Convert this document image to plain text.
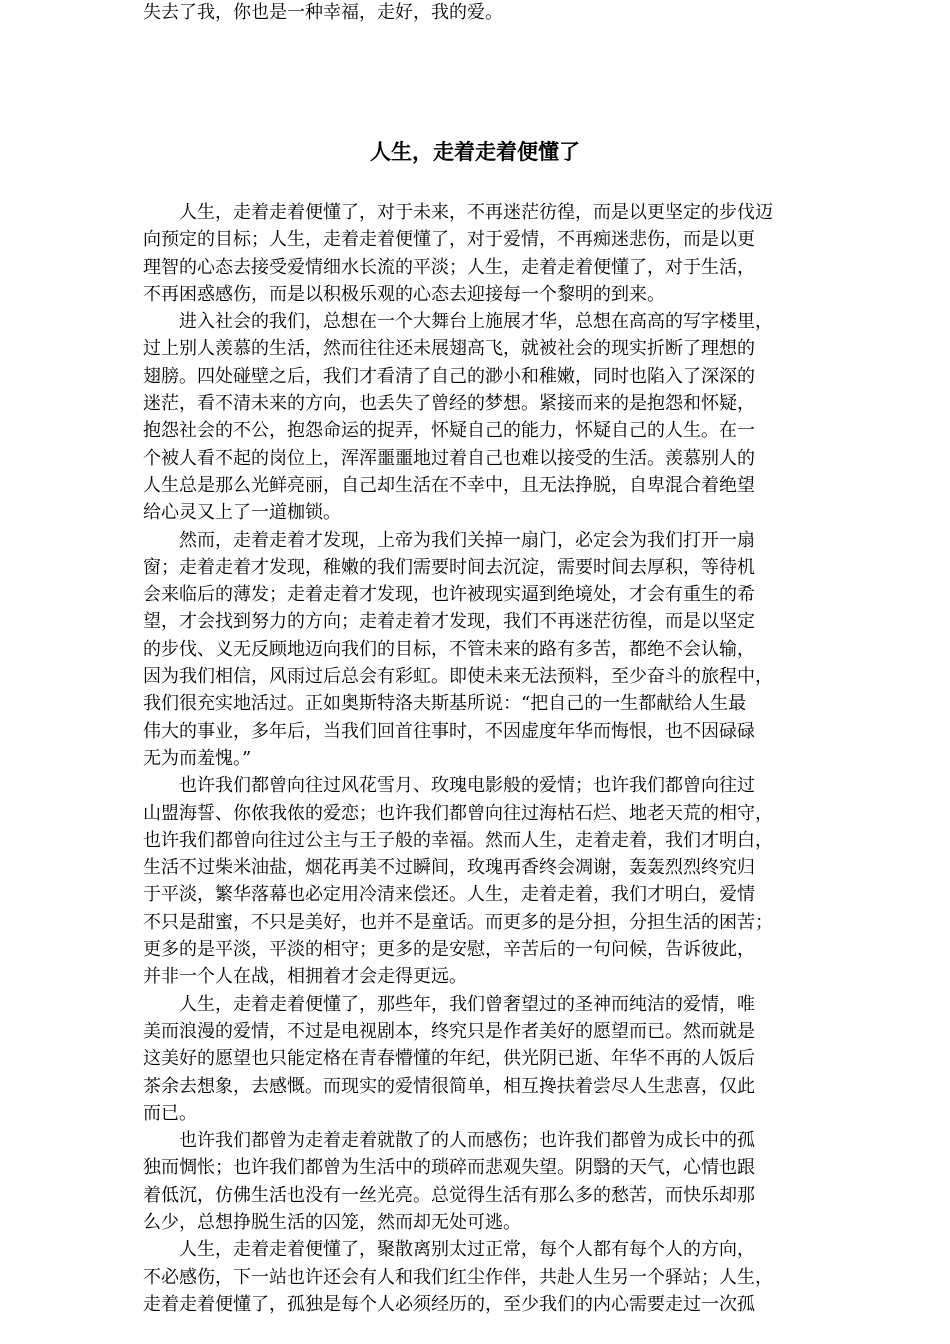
失去了我，你也是一种幸福，走好，我的爱。
人生，走着走着便懂了

人生，走着走着便懂了，对于未来，不再迷茫彷徨，而是以更坚定的步伐迈
向预定的目标；人生，走着走着便懂了，对于爱情，不再痴迷悲伤，而是以更
理智的心态去接受爱情细水长流的平淡；人生，走着走着便懂了，对于生活，
不再困惑感伤，而是以积极乐观的心态去迎接每一个黎明的到来。

进入社会的我们，总想在一个大舞台上施展才华，总想在高高的写字楼里，
过上别人羡慕的生活，然而往往还未展翅高飞，就被社会的现实折断了理想的
翅膀。四处碰壁之后，我们才看清了自己的渺小和稚嫩，同时也陷入了深深的
迷茫，看不清未来的方向，也丢失了曾经的梦想。紧接而来的是抱怨和怀疑，
抱怨社会的不公，抱怨命运的捉弄，怀疑自己的能力，怀疑自己的人生。在一
个被人看不起的岗位上，浑浑噩噩地过着自己也难以接受的生活。羡慕别人的
人生总是那么光鲜亮丽，自己却生活在不幸中，且无法挣脱，自卑混合着绝望
给心灵又上了一道枷锁。

然而，走着走着才发现，上帝为我们关掉一扇门，必定会为我们打开一扇
窗；走着走着才发现，稚嫩的我们需要时间去沉淀，需要时间去厚积，等待机
会来临后的薄发；走着走着才发现，也许被现实逼到绝境处，才会有重生的希
望，才会找到努力的方向；走着走着才发现，我们不再迷茫彷徨，而是以坚定
的步伐、义无反顾地迈向我们的目标，不管未来的路有多苦，都绝不会认输，
因为我们相信，风雨过后总会有彩虹。即使未来无法预料，至少奋斗的旅程中，
我们很充实地活过。正如奥斯特洛夫斯基所说：“把自己的一生都献给人生最
伟大的事业，多年后，当我们回首往事时，不因虚度年华而悔恨，也不因碌碌
无为而羞愧。”

也许我们都曾向往过风花雪月、玫瑰电影般的爱情；也许我们都曾向往过
山盟海誓、你侬我侬的爱恋；也许我们都曾向往过海枯石烂、地老天荒的相守，
也许我们都曾向往过公主与王子般的幸福。然而人生，走着走着，我们才明白，
生活不过柴米油盐，烟花再美不过瞬间，玫瑰再香终会凋谢，轰轰烈烈终究归
于平淡，繁华落幕也必定用冷清来偿还。人生，走着走着，我们才明白，爱情
不只是甜蜜，不只是美好，也并不是童话。而更多的是分担，分担生活的困苦；
更多的是平淡，平淡的相守；更多的是安慰，辛苦后的一句问候，告诉彼此，
并非一个人在战，相拥着才会走得更远。

人生，走着走着便懂了，那些年，我们曾奢望过的圣神而纯洁的爱情，唯
美而浪漫的爱情，不过是电视剧本，终究只是作者美好的愿望而已。然而就是
这美好的愿望也只能定格在青春懵懂的年纪，供光阴已逝、年华不再的人饭后
茶余去想象，去感慨。而现实的爱情很简单，相互搀扶着尝尽人生悲喜，仅此
而已。

也许我们都曾为走着走着就散了的人而感伤；也许我们都曾为成长中的孤
独而惆怅；也许我们都曾为生活中的琐碎而悲观失望。阴翳的天气，心情也跟
着低沉，仿佛生活也没有一丝光亮。总觉得生活有那么多的愁苦，而快乐却那
么少，总想挣脱生活的囚笼，然而却无处可逃。

人生，走着走着便懂了，聚散离别太过正常，每个人都有每个人的方向，
不必感伤，下一站也许还会有人和我们红尘作伴，共赴人生另一个驿站；人生，
走着走着便懂了，孤独是每个人必须经历的，至少我们的内心需要走过一次孤
